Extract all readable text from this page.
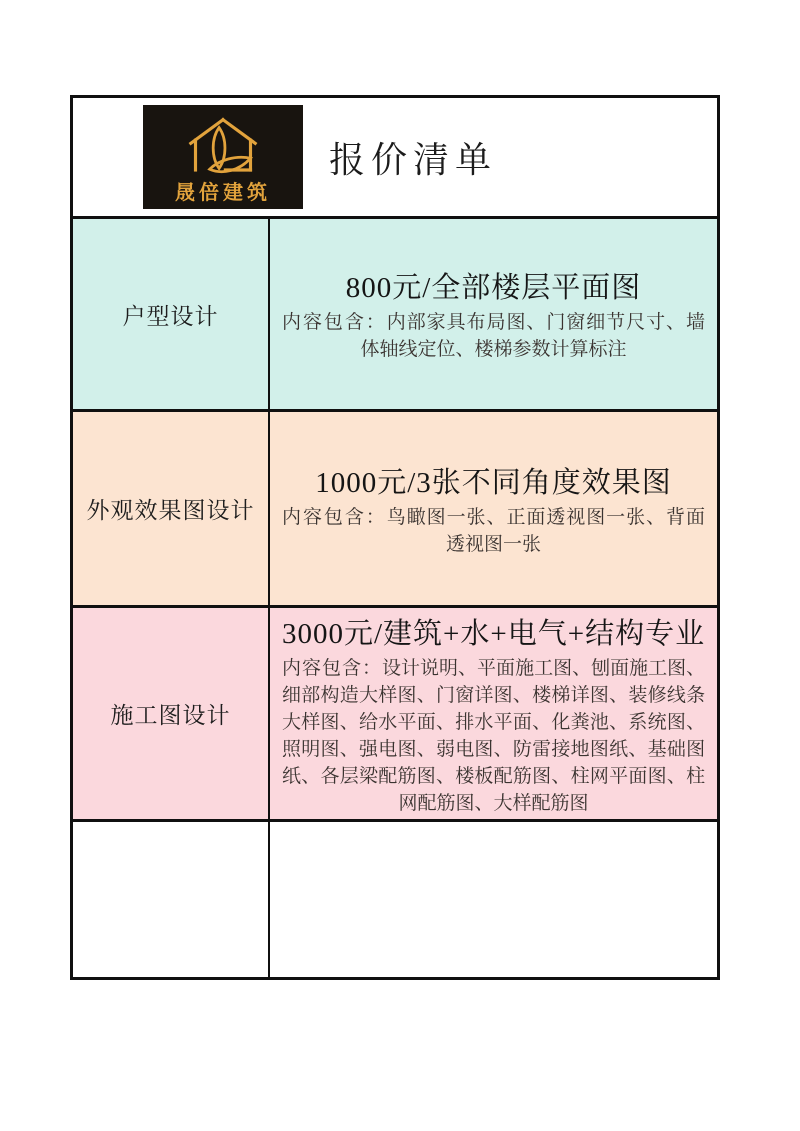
晟倍建筑
报价清单
户型设计
800元/全部楼层平面图
内容包含：内部家具布局图、门窗细节尺寸、墙体轴线定位、楼梯参数计算标注
外观效果图设计
1000元/3张不同角度效果图
内容包含：鸟瞰图一张、正面透视图一张、背面透视图一张
施工图设计
3000元/建筑+水+电气+结构专业
内容包含：设计说明、平面施工图、刨面施工图、细部构造大样图、门窗详图、楼梯详图、装修线条大样图、给水平面、排水平面、化粪池、系统图、照明图、强电图、弱电图、防雷接地图纸、基础图纸、各层梁配筋图、楼板配筋图、柱网平面图、柱网配筋图、大样配筋图
